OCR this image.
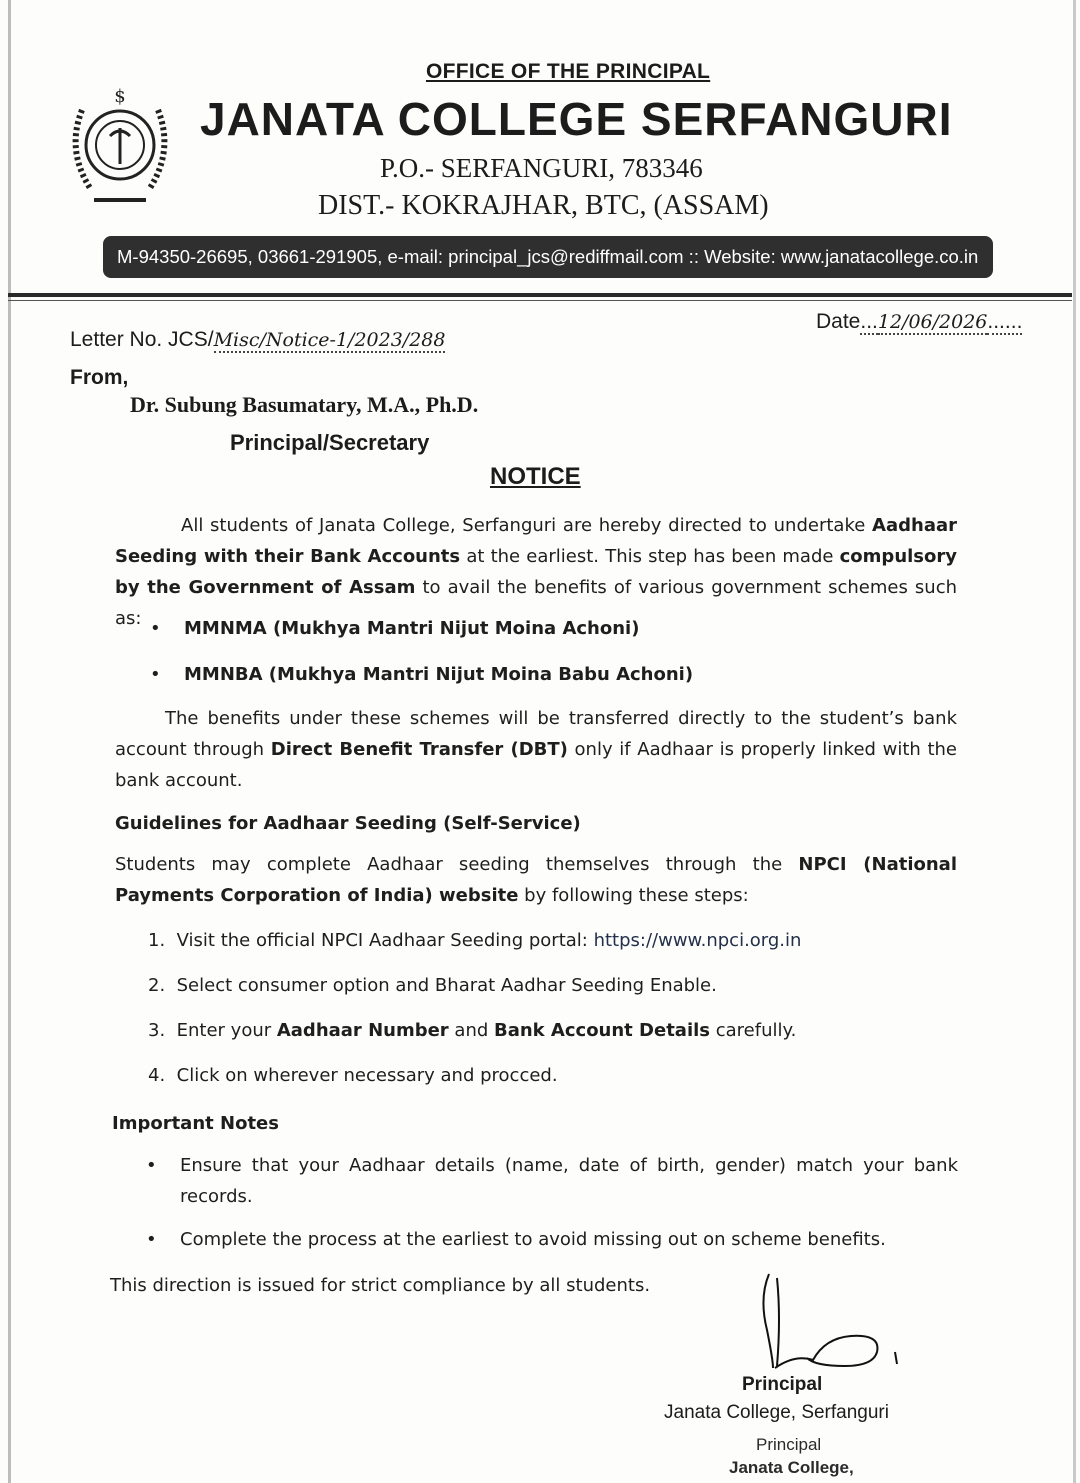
$
OFFICE OF THE PRINCIPAL
JANATA COLLEGE SERFANGURI
P.O.- SERFANGURI, 783346
DIST.- KOKRAJHAR, BTC, (ASSAM)
M-94350-26695, 03661-291905, e-mail: principal_jcs@rediffmail.com :: Website: www.janatacollege.co.in
Letter No. JCS/Misc/Notice-1/2023/288
Date...12/06/2026......
From,
Dr. Subung Basumatary, M.A., Ph.D.
Principal/Secretary
NOTICE
All students of Janata College, Serfanguri are hereby directed to undertake Aadhaar Seeding with their Bank Accounts at the earliest. This step has been made compulsory by the Government of Assam to avail the benefits of various government schemes such as:
•	MMNMA (Mukhya Mantri Nijut Moina Achoni)
• MMNBA (Mukhya Mantri Nijut Moina Babu Achoni)
The benefits under these schemes will be transferred directly to the student’s bank account through Direct Benefit Transfer (DBT) only if Aadhaar is properly linked with the bank account.
Guidelines for Aadhaar Seeding (Self-Service)
Students may complete Aadhaar seeding themselves through the NPCI (National Payments Corporation of India) website by following these steps:
1.  Visit the official NPCI Aadhaar Seeding portal: https://www.npci.org.in
2.  Select consumer option and Bharat Aadhar Seeding Enable.
3.  Enter your Aadhaar Number and Bank Account Details carefully.
4.  Click on wherever necessary and procced.
Important Notes
• Ensure that your Aadhaar details (name, date of birth, gender) match your bank records.
• Complete the process at the earliest to avoid missing out on scheme benefits.
This direction is issued for strict compliance by all students.
Principal
Janata College, Serfanguri
Principal
Janata College,
